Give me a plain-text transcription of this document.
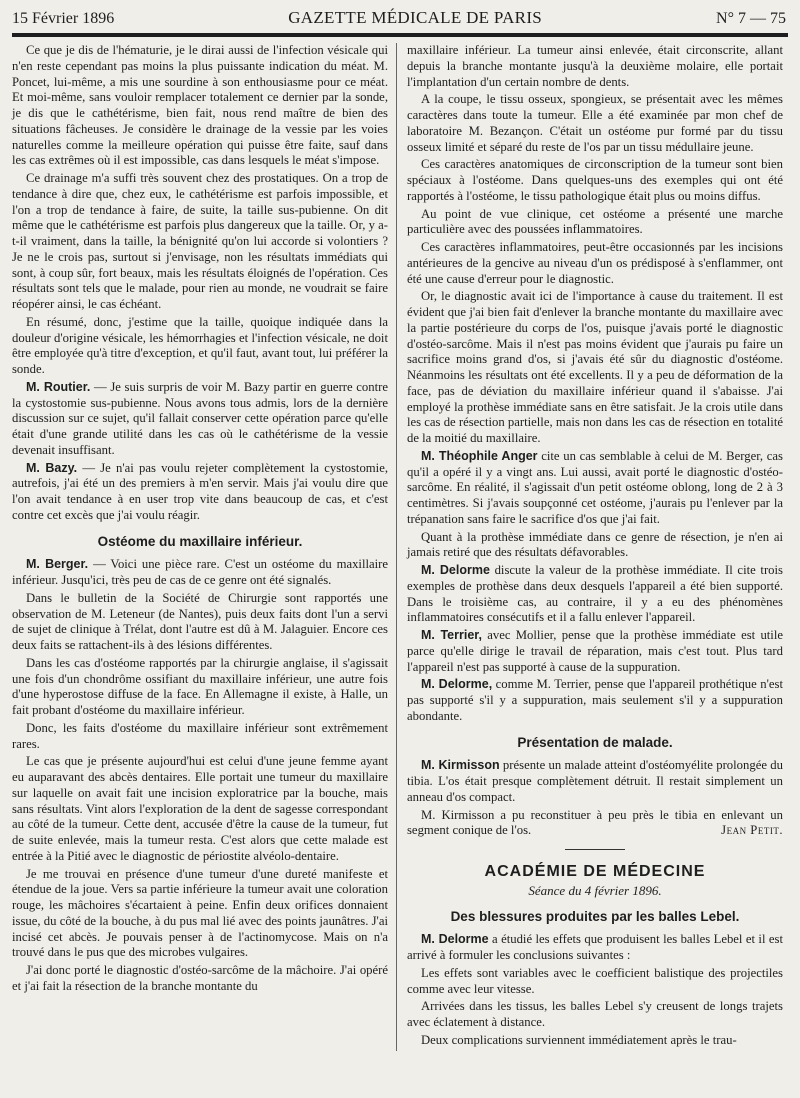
15 Février 1896	GAZETTE MÉDICALE DE PARIS	N° 7 — 75

Ce que je dis de l'hématurie, je le dirai aussi de l'infection vésicale qui n'en reste cependant pas moins la plus puissante indication du méat. M. Poncet, lui-même, a mis une sourdine à son enthousiasme pour ce méat. Et moi-même, sans vouloir remplacer totalement ce dernier par la sonde, je dis que le cathétérisme, bien fait, nous rend maître de bien des situations fâcheuses. Je considère le drainage de la vessie par les voies naturelles comme la meilleure opération qui puisse être faite, sauf dans les cas extrêmes où il est impossible, cas dans lesquels le méat s'impose.

Ce drainage m'a suffi très souvent chez des prostatiques. On a trop de tendance à dire que, chez eux, le cathétérisme est parfois impossible, et l'on a trop de tendance à faire, de suite, la taille sus-pubienne. On dit même que le cathétérisme est parfois plus dangereux que la taille. Or, y a-t-il vraiment, dans la taille, la bénignité qu'on lui accorde si volontiers ? Je ne le crois pas, surtout si j'envisage, non les résultats immédiats qui sont, à coup sûr, fort beaux, mais les résultats éloignés de l'opération. Ces résultats sont tels que le malade, pour rien au monde, ne voudrait se faire réopérer ainsi, le cas échéant.

En résumé, donc, j'estime que la taille, quoique indiquée dans la douleur d'origine vésicale, les hémorrhagies et l'infection vésicale, ne doit être employée qu'à titre d'exception, et qu'il faut, avant tout, lui préférer la sonde.

M. Routier. — Je suis surpris de voir M. Bazy partir en guerre contre la cystostomie sus-pubienne. Nous avons tous admis, lors de la dernière discussion sur ce sujet, qu'il fallait conserver cette opération parce qu'elle était d'une grande utilité dans les cas où le cathétérisme de la vessie devenait insuffisant.

M. Bazy. — Je n'ai pas voulu rejeter complètement la cystostomie, autrefois, j'ai été un des premiers à m'en servir. Mais j'ai voulu dire que l'on avait tendance à en user trop vite dans beaucoup de cas, et c'est contre cet excès que j'ai voulu réagir.

Ostéome du maxillaire inférieur.

M. Berger. — Voici une pièce rare. C'est un ostéome du maxillaire inférieur. Jusqu'ici, très peu de cas de ce genre ont été signalés.

Dans le bulletin de la Société de Chirurgie sont rapportés une observation de M. Leteneur (de Nantes), puis deux faits dont l'un a servi de sujet de clinique à Trélat, dont l'autre est dû à M. Jalaguier. Encore ces deux faits se rattachent-ils à des lésions différentes.

Dans les cas d'ostéome rapportés par la chirurgie anglaise, il s'agissait une fois d'un chondrôme ossifiant du maxillaire inférieur, une autre fois d'une hyperostose diffuse de la face. En Allemagne il existe, à Halle, un fait probant d'ostéome du maxillaire inférieur.

Donc, les faits d'ostéome du maxillaire inférieur sont extrêmement rares.

Le cas que je présente aujourd'hui est celui d'une jeune femme ayant eu auparavant des abcès dentaires. Elle portait une tumeur du maxillaire sur laquelle on avait fait une incision exploratrice par la bouche, mais sans résultats. Vint alors l'exploration de la dent de sagesse correspondant au côté de la tumeur. Cette dent, accusée d'être la cause de la tumeur, fut de suite enlevée, mais la tumeur resta. C'est alors que cette malade est entrée à la Pitié avec le diagnostic de périostite alvéolo-dentaire.

Je me trouvai en présence d'une tumeur d'une dureté manifeste et étendue de la joue. Vers sa partie inférieure la tumeur avait une coloration rouge, les mâchoires s'écartaient à peine. Enfin deux orifices donnaient issue, du côté de la bouche, à du pus mal lié avec des points jaunâtres. J'ai incisé cet abcès. Je pouvais penser à de l'actinomycose. Mais on n'a trouvé dans le pus que des microbes vulgaires.

J'ai donc porté le diagnostic d'ostéo-sarcôme de la mâchoire. J'ai opéré et j'ai fait la résection de la branche montante du

maxillaire inférieur. La tumeur ainsi enlevée, était circonscrite, allant depuis la branche montante jusqu'à la deuxième molaire, elle portait l'implantation d'un certain nombre de dents.

A la coupe, le tissu osseux, spongieux, se présentait avec les mêmes caractères dans toute la tumeur. Elle a été examinée par mon chef de laboratoire M. Bezançon. C'était un ostéome pur formé par du tissu osseux limité et séparé du reste de l'os par un tissu médullaire jeune.

Ces caractères anatomiques de circonscription de la tumeur sont bien spéciaux à l'ostéome. Dans quelques-uns des exemples qui ont été rapportés à l'ostéome, le tissu pathologique était plus ou moins diffus.

Au point de vue clinique, cet ostéome a présenté une marche particulière avec des poussées inflammatoires.

Ces caractères inflammatoires, peut-être occasionnés par les incisions antérieures de la gencive au niveau d'un os prédisposé à s'enflammer, ont été une cause d'erreur pour le diagnostic.

Or, le diagnostic avait ici de l'importance à cause du traitement. Il est évident que j'ai bien fait d'enlever la branche montante du maxillaire avec la partie postérieure du corps de l'os, puisque j'avais porté le diagnostic d'ostéo-sarcôme. Mais il n'est pas moins évident que j'aurais pu faire un sacrifice moins grand d'os, si j'avais été sûr du diagnostic d'ostéome. Néanmoins les résultats ont été excellents. Il y a peu de déformation de la face, pas de déviation du maxillaire inférieur quand il s'abaisse. J'ai employé la prothèse immédiate sans en être satisfait. Je la crois utile dans les cas de résection partielle, mais non dans les cas de résection en totalité de la moitié du maxillaire.

M. Théophile Anger cite un cas semblable à celui de M. Berger, cas qu'il a opéré il y a vingt ans. Lui aussi, avait porté le diagnostic d'ostéo-sarcôme. En réalité, il s'agissait d'un petit ostéome oblong, long de 2 à 3 centimètres. Si j'avais soupçonné cet ostéome, j'aurais pu l'enlever par la trépanation sans faire le sacrifice d'os que j'ai fait.

Quant à la prothèse immédiate dans ce genre de résection, je n'en ai jamais retiré que des résultats défavorables.

M. Delorme discute la valeur de la prothèse immédiate. Il cite trois exemples de prothèse dans deux desquels l'appareil a été bien supporté. Dans le troisième cas, au contraire, il y a eu des phénomènes inflammatoires consécutifs et il a fallu enlever l'appareil.

M. Terrier, avec Mollier, pense que la prothèse immédiate est utile parce qu'elle dirige le travail de réparation, mais c'est tout. Plus tard l'appareil n'est pas supporté à cause de la suppuration.

M. Delorme, comme M. Terrier, pense que l'appareil prothétique n'est pas supporté s'il y a suppuration, mais seulement s'il y a suppuration abondante.

Présentation de malade.

M. Kirmisson présente un malade atteint d'ostéomyélite prolongée du tibia. L'os était presque complètement détruit. Il restait simplement un anneau d'os compact.

M. Kirmisson a pu reconstituer à peu près le tibia en enlevant un segment conique de l'os.	Jean Petit.

ACADÉMIE DE MÉDECINE
Séance du 4 février 1896.
Des blessures produites par les balles Lebel.

M. Delorme a étudié les effets que produisent les balles Lebel et il est arrivé à formuler les conclusions suivantes :

Les effets sont variables avec le coefficient balistique des projectiles comme avec leur vitesse.

Arrivées dans les tissus, les balles Lebel s'y creusent de longs trajets avec éclatement à distance.

Deux complications surviennent immédiatement après le trau-
